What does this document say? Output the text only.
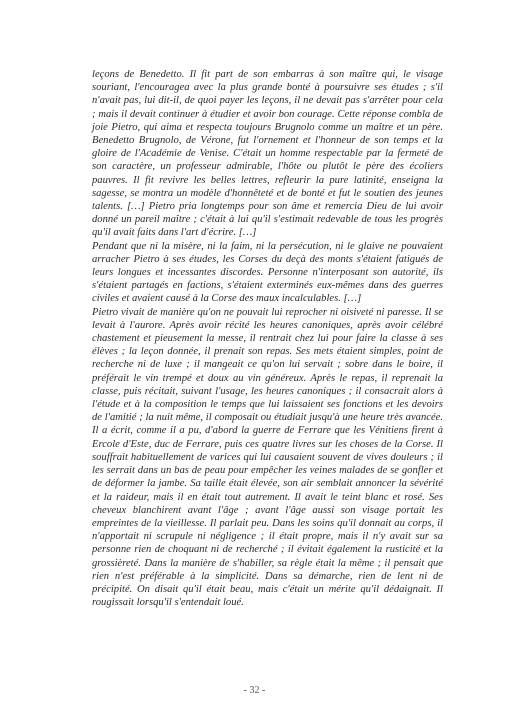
leçons de Benedetto. Il fit part de son embarras à son maître qui, le visage souriant, l'encouragea avec la plus grande bonté à poursuivre ses études ; s'il n'avait pas, lui dit-il, de quoi payer les leçons, il ne devait pas s'arrêter pour cela ; mais il devait continuer à étudier et avoir bon courage. Cette réponse combla de joie Pietro, qui aima et respecta toujours Brugnolo comme un maître et un père. Benedetto Brugnolo, de Vérone, fut l'ornement et l'honneur de son temps et la gloire de l'Académie de Venise. C'était un homme respectable par la fermeté de son caractère, un professeur admirable, l'hôte ou plutôt le père des écoliers pauvres. Il fit revivre les belles lettres, refleurir la pure latinité, enseigna la sagesse, se montra un modèle d'honnêteté et de bonté et fut le soutien des jeunes talents. […] Pietro pria longtemps pour son âme et remercia Dieu de lui avoir donné un pareil maître ; c'était à lui qu'il s'estimait redevable de tous les progrès qu'il avait faits dans l'art d'écrire. […]

Pendant que ni la misère, ni la faim, ni la persécution, ni le glaive ne pouvaient arracher Pietro à ses études, les Corses du deçà des monts s'étaient fatigués de leurs longues et incessantes discordes. Personne n'interposant son autorité, ils s'étaient partagés en factions, s'étaient exterminés eux-mêmes dans des guerres civiles et avaient causé à la Corse des maux incalculables. […]

Pietro vivait de manière qu'on ne pouvait lui reprocher ni oisiveté ni paresse. Il se levait à l'aurore. Après avoir récité les heures canoniques, après avoir célébré chastement et pieusement la messe, il rentrait chez lui pour faire la classe à ses élèves ; la leçon donnée, il prenait son repas. Ses mets étaient simples, point de recherche ni de luxe ; il mangeait ce qu'on lui servait ; sobre dans le boire, il préférait le vin trempé et doux au vin généreux. Après le repas, il reprenait la classe, puis récitait, suivant l'usage, les heures canoniques ; il consacrait alors à l'étude et à la composition le temps que lui laissaient ses fonctions et les devoirs de l'amitié ; la nuit même, il composait ou étudiait jusqu'à une heure très avancée. Il a écrit, comme il a pu, d'abord la guerre de Ferrare que les Vénitiens firent à Ercole d'Este, duc de Ferrare, puis ces quatre livres sur les choses de la Corse. Il souffrait habituellement de varices qui lui causaient souvent de vives douleurs ; il les serrait dans un bas de peau pour empêcher les veines malades de se gonfler et de déformer la jambe. Sa taille était élevée, son air semblait annoncer la sévérité et la raideur, mais il en était tout autrement. Il avait le teint blanc et rosé. Ses cheveux blanchirent avant l'âge ; avant l'âge aussi son visage portait les empreintes de la vieillesse. Il parlait peu. Dans les soins qu'il donnait au corps, il n'apportait ni scrupule ni négligence ; il était propre, mais il n'y avait sur sa personne rien de choquant ni de recherché ; il évitait également la rusticité et la grossièreté. Dans la manière de s'habiller, sa règle était la même ; il pensait que rien n'est préférable à la simplicité. Dans sa démarche, rien de lent ni de précipité. On disait qu'il était beau, mais c'était un mérite qu'il dédaignait. Il rougissait lorsqu'il s'entendait loué.

- 32 -
